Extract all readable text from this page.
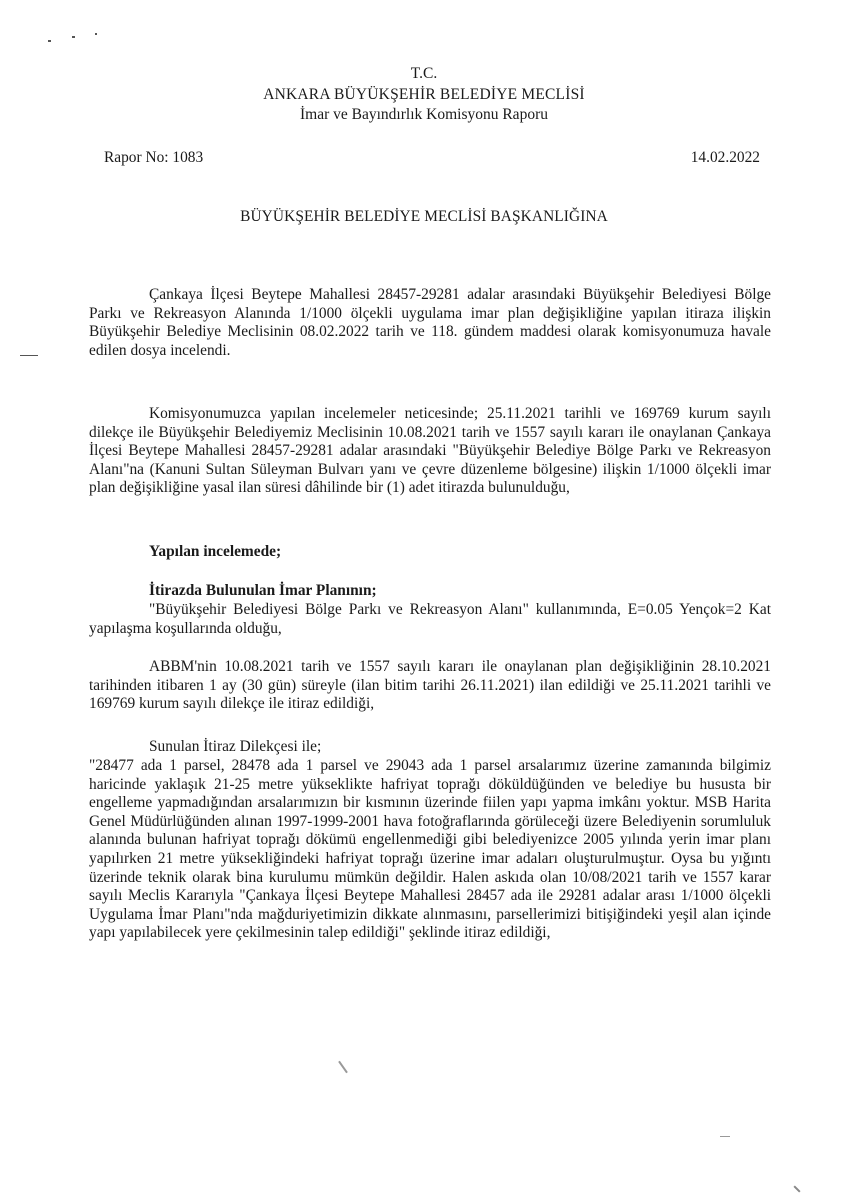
T.C.
ANKARA BÜYÜKŞEHİR BELEDİYE MECLİSİ
İmar ve Bayındırlık Komisyonu Raporu
Rapor No: 1083	14.02.2022
BÜYÜKŞEHİR BELEDİYE MECLİSİ BAŞKANLIĞINA

Çankaya İlçesi Beytepe Mahallesi 28457-29281 adalar arasındaki Büyükşehir Belediyesi Bölge Parkı ve Rekreasyon Alanında 1/1000 ölçekli uygulama imar plan değişikliğine yapılan itiraza ilişkin Büyükşehir Belediye Meclisinin 08.02.2022 tarih ve 118. gündem maddesi olarak komisyonumuza havale edilen dosya incelendi.

Komisyonumuzca yapılan incelemeler neticesinde; 25.11.2021 tarihli ve 169769 kurum sayılı dilekçe ile Büyükşehir Belediyemiz Meclisinin 10.08.2021 tarih ve 1557 sayılı kararı ile onaylanan Çankaya İlçesi Beytepe Mahallesi 28457-29281 adalar arasındaki "Büyükşehir Belediye Bölge Parkı ve Rekreasyon Alanı"na (Kanuni Sultan Süleyman Bulvarı yanı ve çevre düzenleme bölgesine) ilişkin 1/1000 ölçekli imar plan değişikliğine yasal ilan süresi dâhilinde bir (1) adet itirazda bulunulduğu,

Yapılan incelemede;

İtirazda Bulunulan İmar Planının;

"Büyükşehir Belediyesi Bölge Parkı ve Rekreasyon Alanı" kullanımında, E=0.05 Yençok=2 Kat yapılaşma koşullarında olduğu,

ABBM'nin 10.08.2021 tarih ve 1557 sayılı kararı ile onaylanan plan değişikliğinin 28.10.2021 tarihinden itibaren 1 ay (30 gün) süreyle (ilan bitim tarihi 26.11.2021) ilan edildiği ve 25.11.2021 tarihli ve 169769 kurum sayılı dilekçe ile itiraz edildiği,

Sunulan İtiraz Dilekçesi ile;

"28477 ada 1 parsel, 28478 ada 1 parsel ve 29043 ada 1 parsel arsalarımız üzerine zamanında bilgimiz haricinde yaklaşık 21-25 metre yükseklikte hafriyat toprağı döküldüğünden ve belediye bu hususta bir engelleme yapmadığından arsalarımızın bir kısmının üzerinde fiilen yapı yapma imkânı yoktur. MSB Harita Genel Müdürlüğünden alınan 1997-1999-2001 hava fotoğraflarında görüleceği üzere Belediyenin sorumluluk alanında bulunan hafriyat toprağı dökümü engellenmediği gibi belediyenizce 2005 yılında yerin imar planı yapılırken 21 metre yüksekliğindeki hafriyat toprağı üzerine imar adaları oluşturulmuştur. Oysa bu yığıntı üzerinde teknik olarak bina kurulumu mümkün değildir. Halen askıda olan 10/08/2021 tarih ve 1557 karar sayılı Meclis Kararıyla "Çankaya İlçesi Beytepe Mahallesi 28457 ada ile 29281 adalar arası 1/1000 ölçekli Uygulama İmar Planı"nda mağduriyetimizin dikkate alınmasını, parsellerimizi bitişiğindeki yeşil alan içinde yapı yapılabilecek yere çekilmesinin talep edildiği" şeklinde itiraz edildiği,
